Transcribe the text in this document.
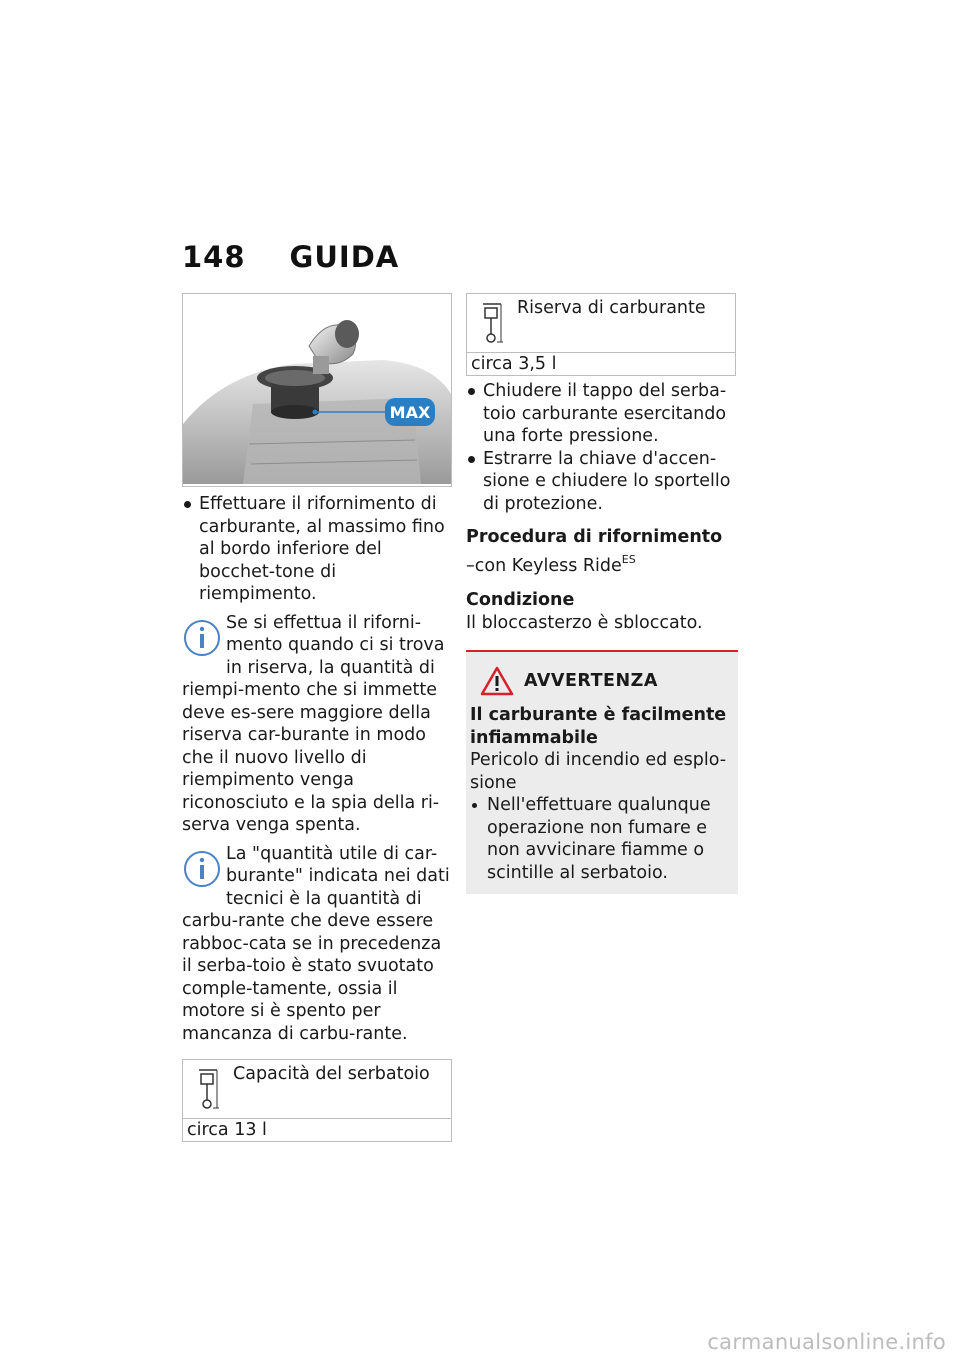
148 GUIDA
MAX
Effettuare il rifornimento di carburante, al massimo fino al bordo inferiore del bocchet-tone di riempimento.
Se si effettua il riforni-mento quando ci si trova in riserva, la quantità di riempi-mento che si immette deve es-sere maggiore della riserva car-burante in modo che il nuovo livello di riempimento venga riconosciuto e la spia della ri-serva venga spenta.
La "quantità utile di car-burante" indicata nei dati tecnici è la quantità di carbu-rante che deve essere rabboc-cata se in precedenza il serba-toio è stato svuotato comple-tamente, ossia il motore si è spento per mancanza di carbu-rante.
Capacità del serbatoio
circa 13 l
Riserva di carburante
circa 3,5 l
Chiudere il tappo del serba-toio carburante esercitando una forte pressione.
Estrarre la chiave d'accen-sione e chiudere lo sportello di protezione.
Procedura di rifornimento
–con Keyless Ride$^{ES}$
Condizione
Il bloccasterzo è sbloccato.
AVVERTENZA
Il carburante è facilmente infiammabile
Pericolo di incendio ed esplo-sione
Nell'effettuare qualunque operazione non fumare e non avvicinare fiamme o scintille al serbatoio.
carmanualsonline.info
